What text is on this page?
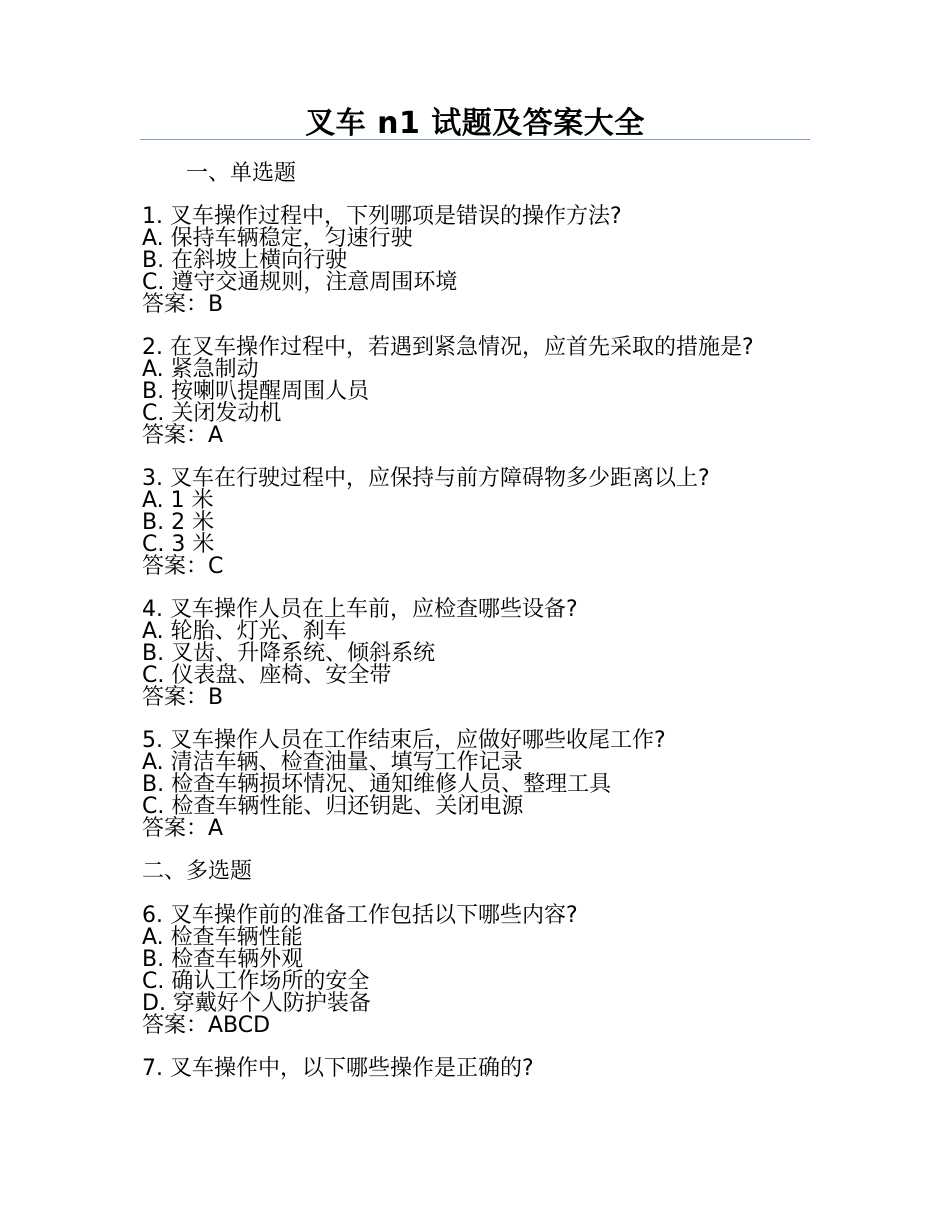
叉车 n1 试题及答案大全
一、单选题
1. 叉车操作过程中，下列哪项是错误的操作方法?
A. 保持车辆稳定，匀速行驶
B. 在斜坡上横向行驶
C. 遵守交通规则，注意周围环境
答案：B
2. 在叉车操作过程中，若遇到紧急情况，应首先采取的措施是?
A. 紧急制动
B. 按喇叭提醒周围人员
C. 关闭发动机
答案：A
3. 叉车在行驶过程中，应保持与前方障碍物多少距离以上?
A. 1 米
B. 2 米
C. 3 米
答案：C
4. 叉车操作人员在上车前，应检查哪些设备?
A. 轮胎、灯光、刹车
B. 叉齿、升降系统、倾斜系统
C. 仪表盘、座椅、安全带
答案：B
5. 叉车操作人员在工作结束后，应做好哪些收尾工作?
A. 清洁车辆、检查油量、填写工作记录
B. 检查车辆损坏情况、通知维修人员、整理工具
C. 检查车辆性能、归还钥匙、关闭电源
答案：A
二、多选题
6. 叉车操作前的准备工作包括以下哪些内容?
A. 检查车辆性能
B. 检查车辆外观
C. 确认工作场所的安全
D. 穿戴好个人防护装备
答案：ABCD
7. 叉车操作中，以下哪些操作是正确的?
